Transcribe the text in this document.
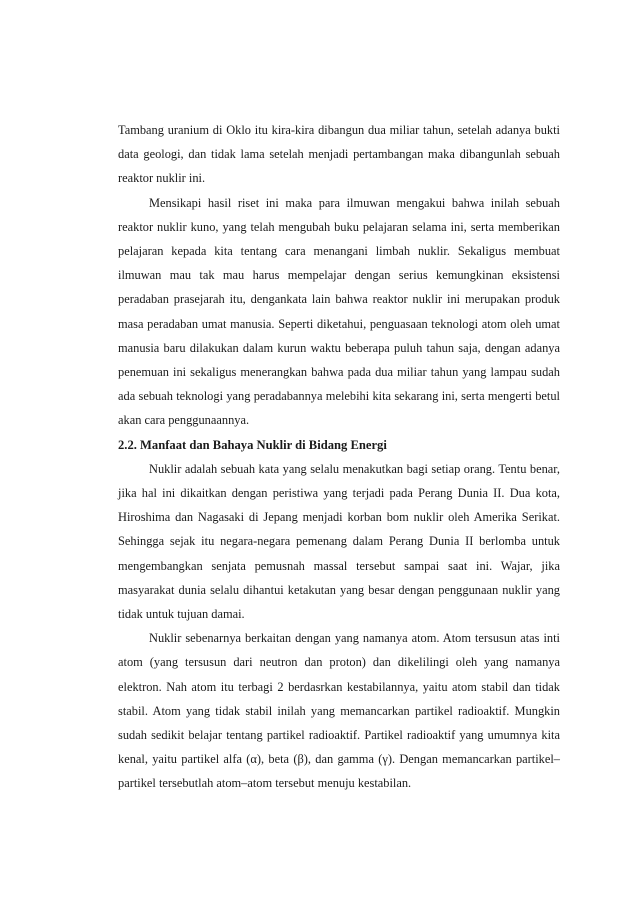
Tambang uranium di Oklo itu kira-kira dibangun dua miliar tahun, setelah adanya bukti data geologi, dan tidak lama setelah menjadi pertambangan maka dibangunlah sebuah reaktor nuklir ini.

Mensikapi hasil riset ini maka para ilmuwan mengakui bahwa inilah sebuah reaktor nuklir kuno, yang telah mengubah buku pelajaran selama ini, serta memberikan pelajaran kepada kita tentang cara menangani limbah nuklir. Sekaligus membuat ilmuwan mau tak mau harus mempelajar dengan serius kemungkinan eksistensi peradaban prasejarah itu, dengankata lain bahwa reaktor nuklir ini merupakan produk masa peradaban umat manusia. Seperti diketahui, penguasaan teknologi atom oleh umat manusia baru dilakukan dalam kurun waktu beberapa puluh tahun saja, dengan adanya penemuan ini sekaligus menerangkan bahwa pada dua miliar tahun yang lampau sudah ada sebuah teknologi yang peradabannya melebihi kita sekarang ini, serta mengerti betul akan cara penggunaannya.

2.2. Manfaat dan Bahaya Nuklir di Bidang Energi

Nuklir adalah sebuah kata yang selalu menakutkan bagi setiap orang. Tentu benar, jika hal ini dikaitkan dengan peristiwa yang terjadi pada Perang Dunia II. Dua kota, Hiroshima dan Nagasaki di Jepang menjadi korban bom nuklir oleh Amerika Serikat. Sehingga sejak itu negara-negara pemenang dalam Perang Dunia II berlomba untuk mengembangkan senjata pemusnah massal tersebut sampai saat ini. Wajar, jika masyarakat dunia selalu dihantui ketakutan yang besar dengan penggunaan nuklir yang tidak untuk tujuan damai.

Nuklir sebenarnya berkaitan dengan yang namanya atom. Atom tersusun atas inti atom (yang tersusun dari neutron dan proton) dan dikelilingi oleh yang namanya elektron. Nah atom itu terbagi 2 berdasrkan kestabilannya, yaitu atom stabil dan tidak stabil. Atom yang tidak stabil inilah yang memancarkan partikel radioaktif. Mungkin sudah sedikit belajar tentang partikel radioaktif. Partikel radioaktif yang umumnya kita kenal, yaitu partikel alfa (α), beta (β), dan gamma (γ). Dengan memancarkan partikel–partikel tersebutlah atom–atom tersebut menuju kestabilan.
